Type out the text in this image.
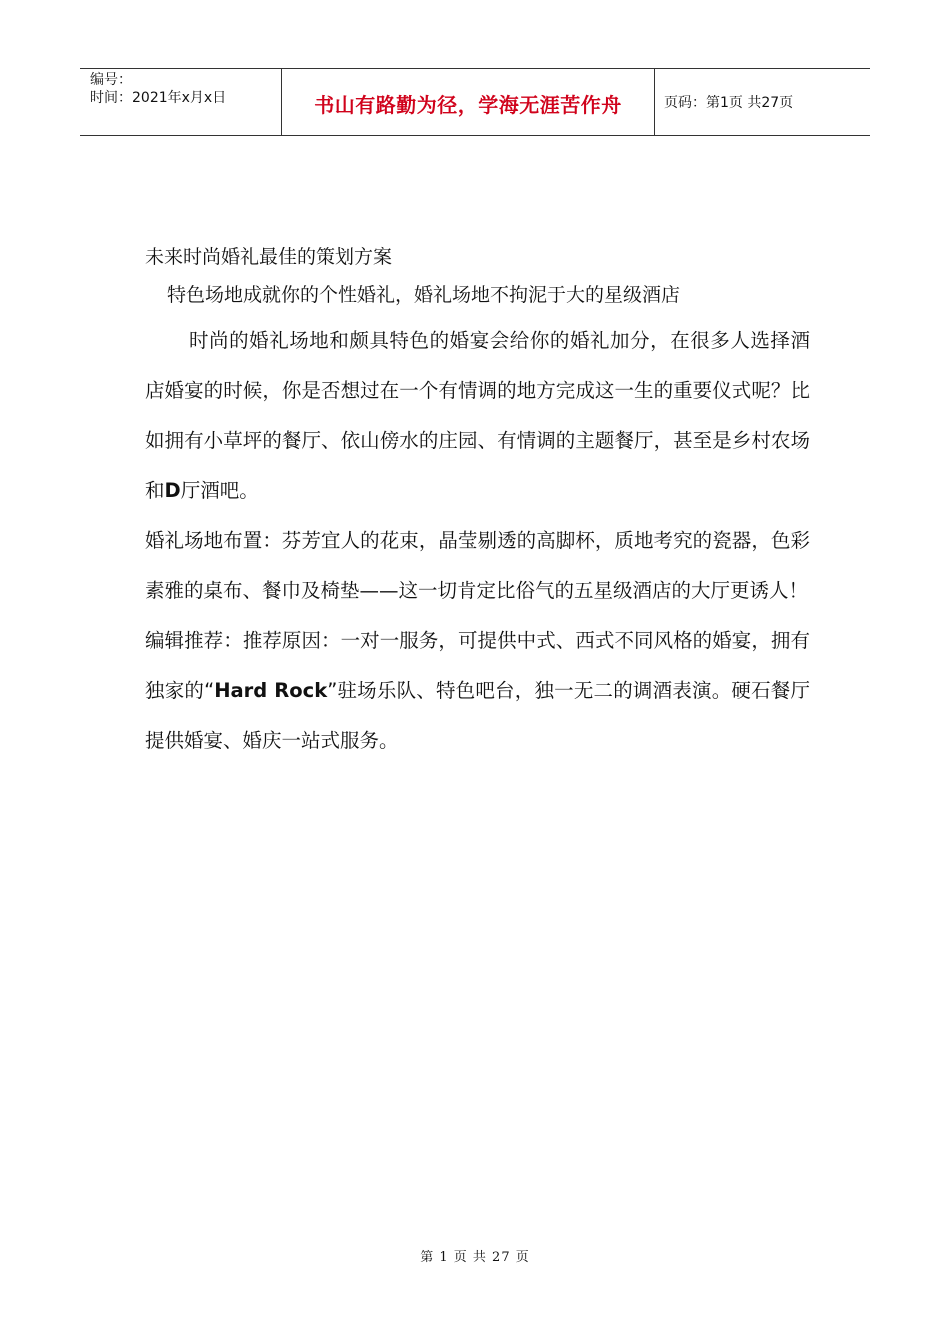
编号：
时间：2021年x月x日	书山有路勤为径，学海无涯苦作舟	页码：第1页 共27页
未来时尚婚礼最佳的策划方案

特色场地成就你的个性婚礼，婚礼场地不拘泥于大的星级酒店

时尚的婚礼场地和颇具特色的婚宴会给你的婚礼加分，在很多人选择酒店婚宴的时候，你是否想过在一个有情调的地方完成这一生的重要仪式呢？比如拥有小草坪的餐厅、依山傍水的庄园、有情调的主题餐厅，甚至是乡村农场和D厅酒吧。

婚礼场地布置：芬芳宜人的花束，晶莹剔透的高脚杯，质地考究的瓷器，色彩素雅的桌布、餐巾及椅垫——这一切肯定比俗气的五星级酒店的大厅更诱人！

编辑推荐：推荐原因：一对一服务，可提供中式、西式不同风格的婚宴，拥有独家的“Hard Rock”驻场乐队、特色吧台，独一无二的调酒表演。硬石餐厅提供婚宴、婚庆一站式服务。

第 1 页 共 27 页
